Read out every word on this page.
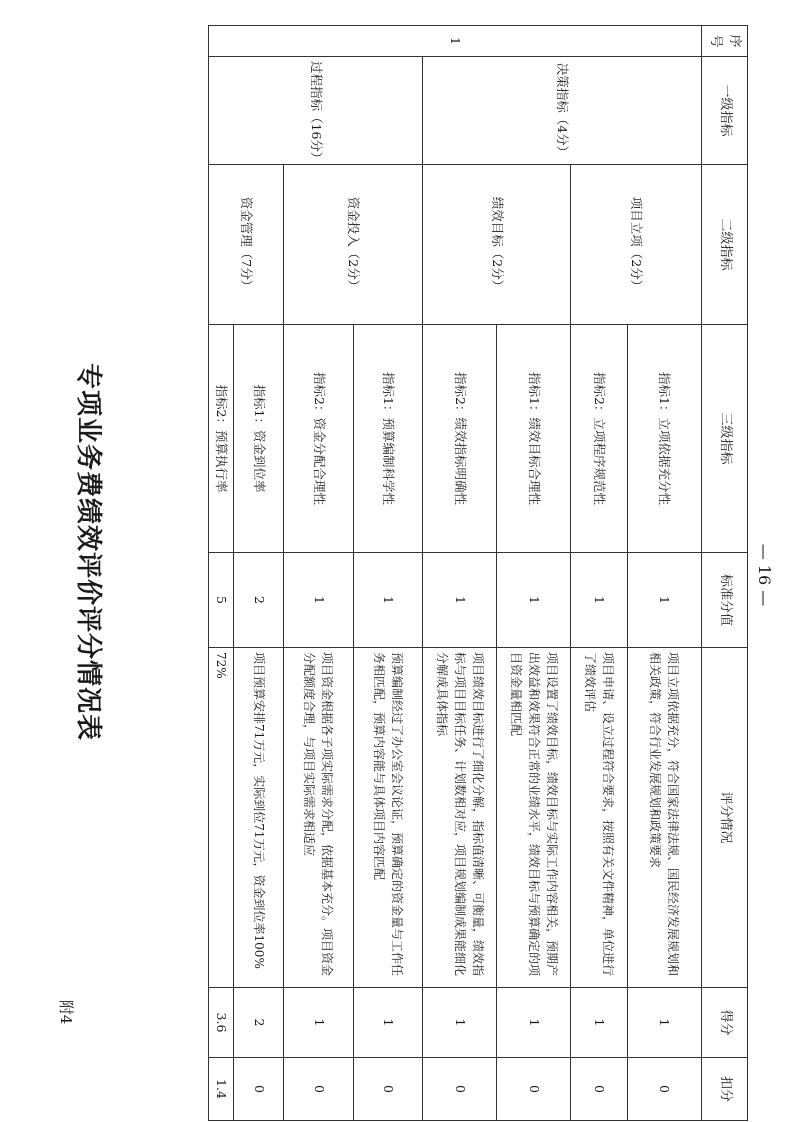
附4
专项业务费绩效评价评分情况表	— 16 —
序号	一级指标	二级指标	三级指标	标准分值	评分情况	得分	扣分
1	决策指标（4分）	项目立项（2分）	指标1：立项依据充分性	1	项目立项依据充分，符合国家法律法规、国民经济发展规划和相关政策，符合行业发展规划和政策要求	1	0
			指标2：立项程序规范性	1	项目申请、设立过程符合要求，按照有关文件精神，单位进行了绩效评估	1	0
		绩效目标（2分）	指标1：绩效目标合理性	1	项目设置了绩效目标，绩效目标与实际工作内容相关，预期产出效益和效果符合正常的业绩水平，绩效目标与预算确定的项目资金量相匹配	1	0
			指标2：绩效指标明确性	1	项目绩效目标进行了细化分解，指标值清晰、可衡量，绩效指标与项目目标任务、计划数相对应，项目规划编制成果能细化分解成具体指标	1	0
	过程指标（16分）	资金投入（2分）	指标1：预算编制科学性	1	预算编制经过了办公室会议论证，预算确定的资金量与工作任务相匹配，预算内容能与具体项目内容匹配	1	0
			指标2：资金分配合理性	1	项目资金根据各子项实际需求分配，依据基本充分。项目资金分配额度合理，与项目实际需求相适应	1	0
		资金管理（7分）	指标1：资金到位率	2	项目预算安排71万元，实际到位71万元，资金到位率100%	2	0
			指标2：预算执行率	5	72%	3.6	1.4
